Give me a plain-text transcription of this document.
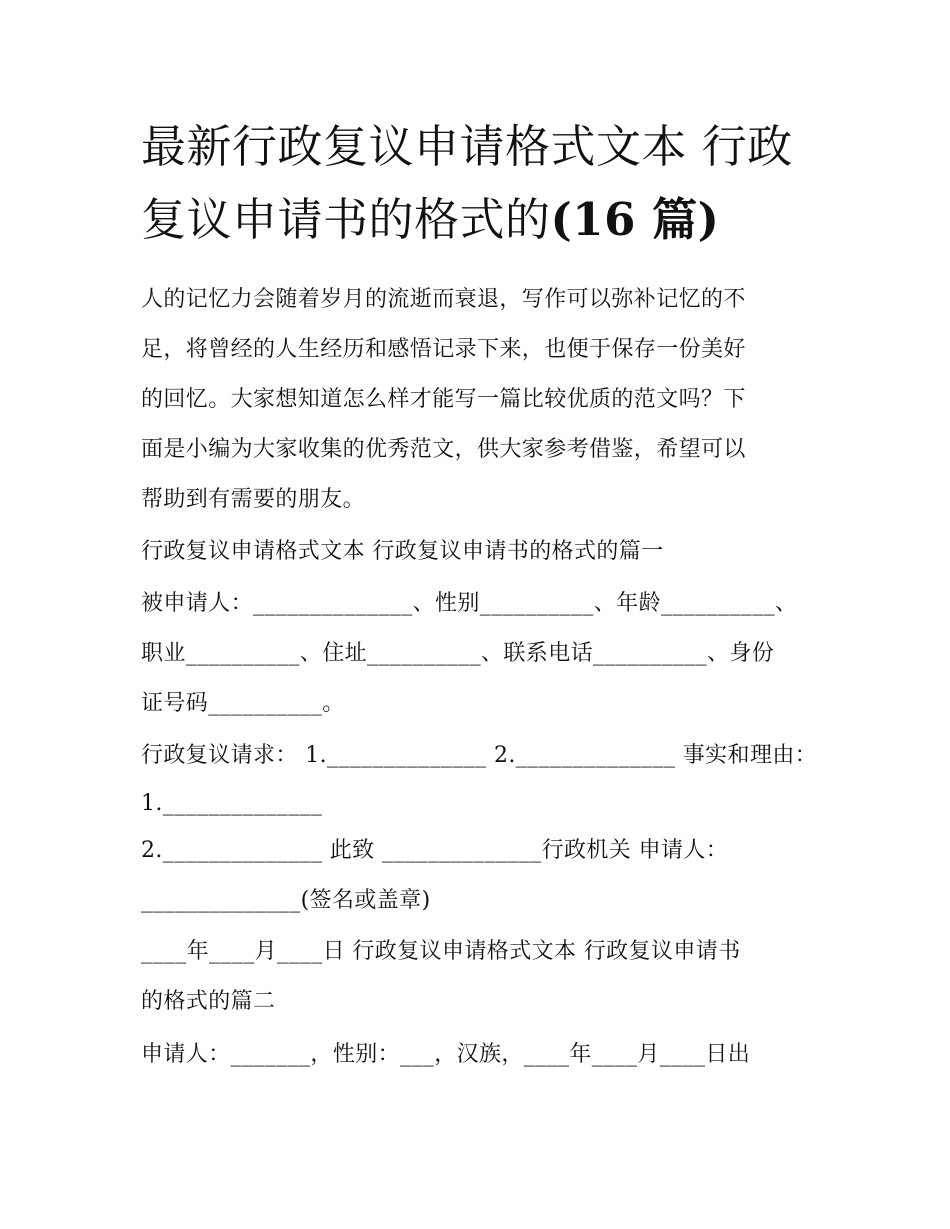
最新行政复议申请格式文本 行政复议申请书的格式的(16 篇)
人的记忆力会随着岁月的流逝而衰退，写作可以弥补记忆的不
足，将曾经的人生经历和感悟记录下来，也便于保存一份美好
的回忆。大家想知道怎么样才能写一篇比较优质的范文吗？下
面是小编为大家收集的优秀范文，供大家参考借鉴，希望可以
帮助到有需要的朋友。
行政复议申请格式文本 行政复议申请书的格式的篇一
被申请人：______________、性别__________、年龄__________、
职业__________、住址__________、联系电话__________、身份
证号码__________。
行政复议请求： 1.______________ 2.______________ 事实和理由：
1.______________
2.______________ 此致 ______________行政机关 申请人：
______________(签名或盖章)
____年____月____日 行政复议申请格式文本 行政复议申请书
的格式的篇二
申请人：_______，性别：___，汉族，____年____月____日出
